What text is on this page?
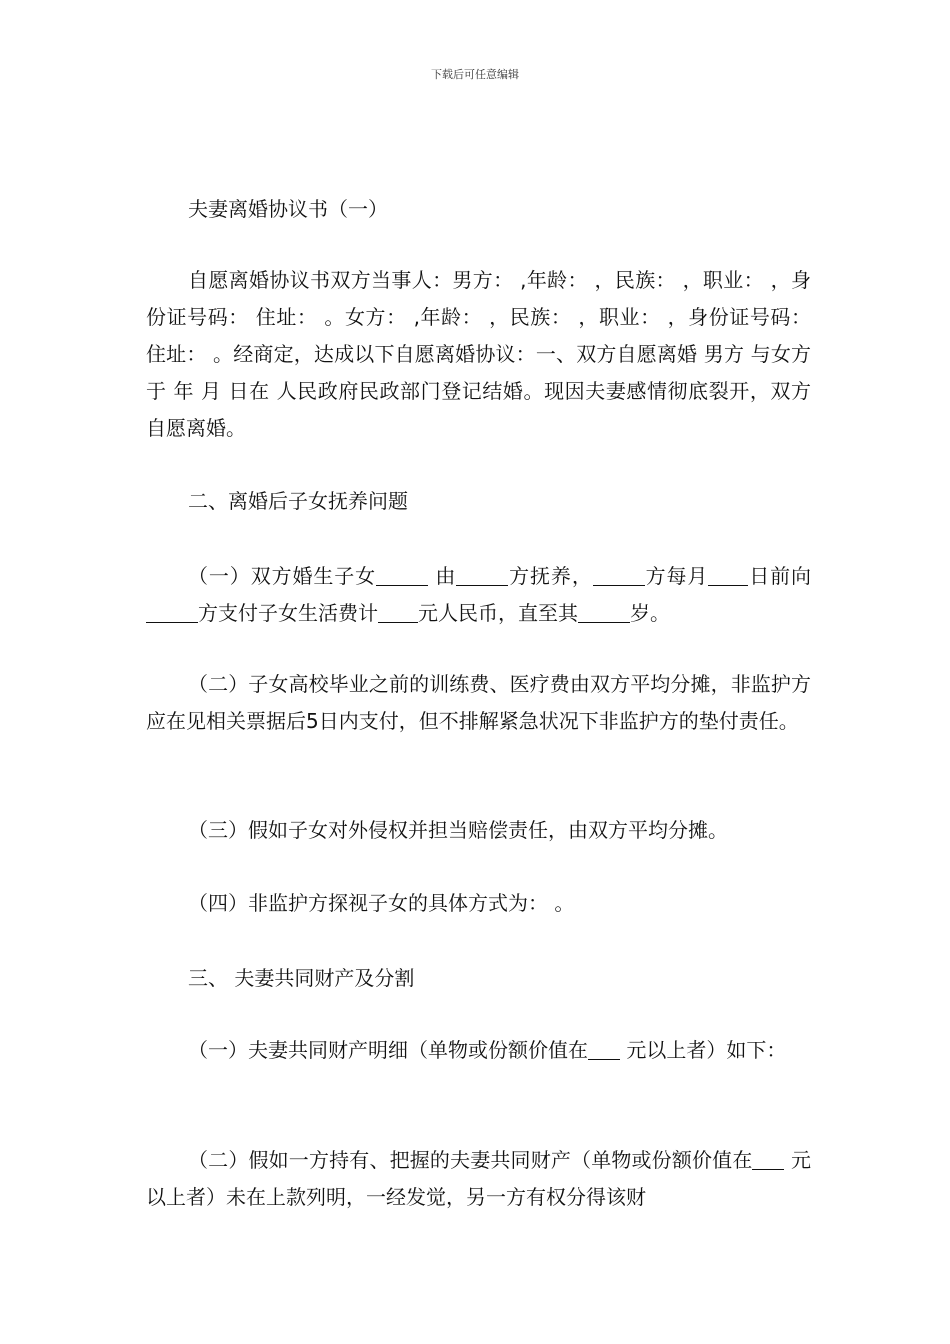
下载后可任意编辑

夫妻离婚协议书（一）

自愿离婚协议书双方当事人：男方： ,年龄： ，民族： ，职业： ，身份证号码： 住址： 。女方： ,年龄： ，民族： ，职业： ，身份证号码： 住址： 。经商定，达成以下自愿离婚协议：一、双方自愿离婚 男方 与女方 于 年 月 日在 人民政府民政部门登记结婚。现因夫妻感情彻底裂开，双方自愿离婚。

二、离婚后子女抚养问题

（一）双方婚生子女	由	方抚养，	方每月 日前向方支付子女生活费计 元人民币，直至其	岁。

（二）子女高校毕业之前的训练费、医疗费由双方平均分摊，非监护方应在见相关票据后5日内支付，但不排解紧急状况下非监护方的垫付责任。

（三）假如子女对外侵权并担当赔偿责任，由双方平均分摊。

（四）非监护方探视子女的具体方式为： 。

三、 夫妻共同财产及分割

（一）夫妻共同财产明细（单物或份额价值在 元以上者）如下：

（二）假如一方持有、把握的夫妻共同财产（单物或份额价值在 元以上者）未在上款列明，一经发觉，另一方有权分得该财
